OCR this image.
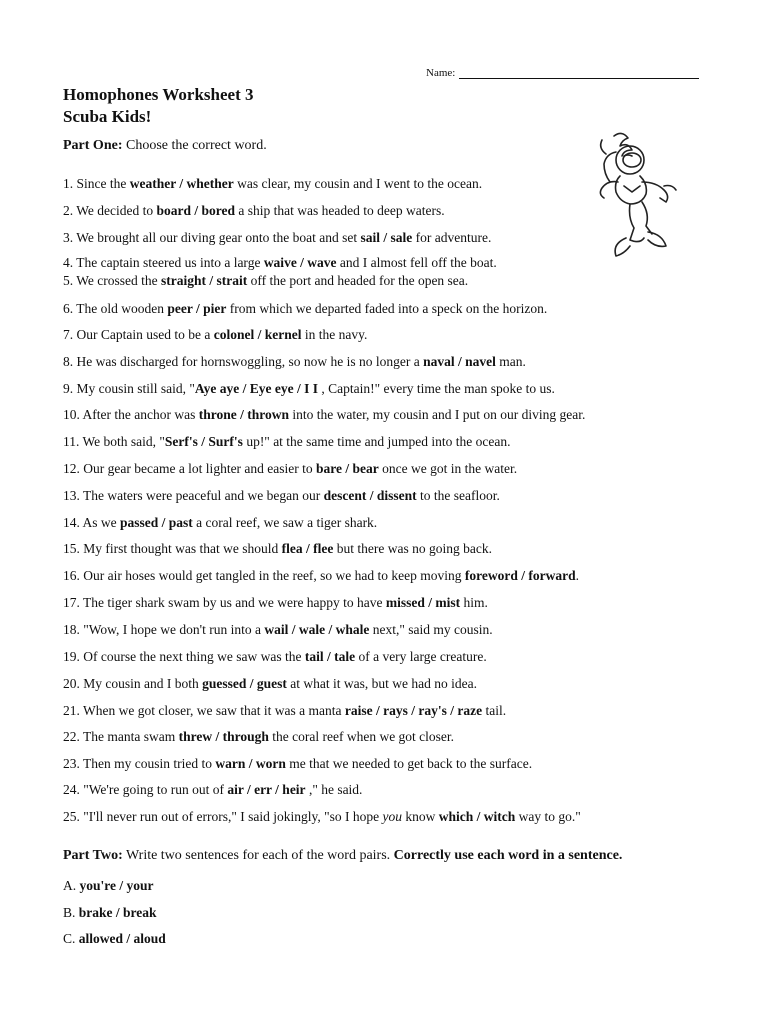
Name:
Homophones Worksheet 3
Scuba Kids!
Part One: Choose the correct word.
1. Since the weather / whether was clear, my cousin and I went to the ocean.
2. We decided to board / bored a ship that was headed to deep waters.
3. We brought all our diving gear onto the boat and set sail / sale for adventure.
4. The captain steered us into a large waive / wave and I almost fell off the boat.
5. We crossed the straight / strait off the port and headed for the open sea.
6. The old wooden peer / pier from which we departed faded into a speck on the horizon.
7. Our Captain used to be a colonel / kernel in the navy.
8. He was discharged for hornswoggling, so now he is no longer a naval / navel man.
9. My cousin still said, "Aye aye / Eye eye / I I , Captain!" every time the man spoke to us.
10. After the anchor was throne / thrown into the water, my cousin and I put on our diving gear.
11. We both said, "Serf's / Surf's up!" at the same time and jumped into the ocean.
12. Our gear became a lot lighter and easier to bare / bear once we got in the water.
13. The waters were peaceful and we began our descent / dissent to the seafloor.
14. As we passed / past a coral reef, we saw a tiger shark.
15. My first thought was that we should flea / flee but there was no going back.
16. Our air hoses would get tangled in the reef, so we had to keep moving foreword / forward.
17. The tiger shark swam by us and we were happy to have missed / mist him.
18. "Wow, I hope we don't run into a wail / wale / whale next," said my cousin.
19. Of course the next thing we saw was the tail / tale of a very large creature.
20. My cousin and I both guessed / guest at what it was, but we had no idea.
21. When we got closer, we saw that it was a manta raise / rays / ray's / raze tail.
22. The manta swam threw / through the coral reef when we got closer.
23. Then my cousin tried to warn / worn me that we needed to get back to the surface.
24. "We're going to run out of air / err / heir ," he said.
25. "I'll never run out of errors," I said jokingly, "so I hope you know which / witch way to go."
Part Two: Write two sentences for each of the word pairs. Correctly use each word in a sentence.
A. you're / your
B. brake / break
C. allowed / aloud
